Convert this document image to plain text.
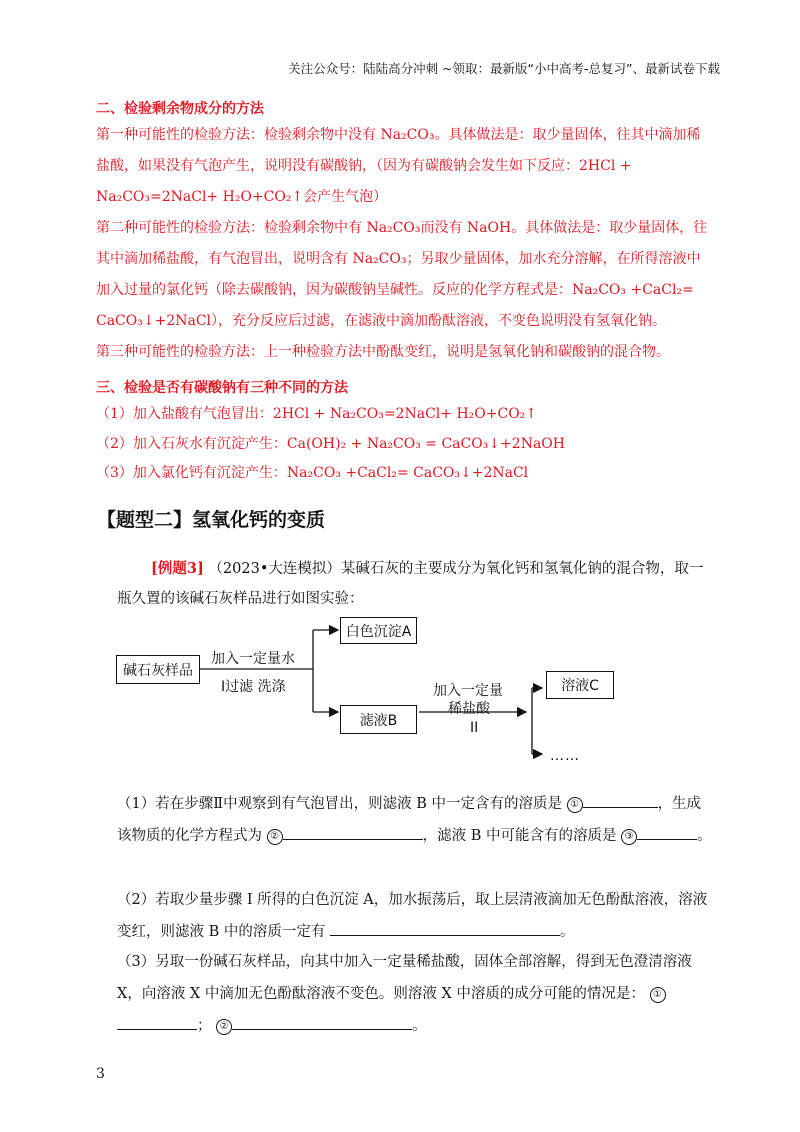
关注公众号：陆陆高分冲刺 ~领取：最新版“小中高考-总复习”、最新试卷下载
二、检验剩余物成分的方法

第一种可能性的检验方法：检验剩余物中没有 Na₂CO₃。具体做法是：取少量固体，往其中滴加稀盐酸，如果没有气泡产生，说明没有碳酸钠，（因为有碳酸钠会发生如下反应：2HCl + Na₂CO₃=2NaCl+ H₂O+CO₂↑会产生气泡）

第二种可能性的检验方法：检验剩余物中有 Na₂CO₃而没有 NaOH。具体做法是：取少量固体，往其中滴加稀盐酸，有气泡冒出，说明含有 Na₂CO₃；另取少量固体，加水充分溶解，在所得溶液中加入过量的氯化钙（除去碳酸钠，因为碳酸钠呈碱性。反应的化学方程式是：Na₂CO₃ +CaCl₂= CaCO₃↓+2NaCl），充分反应后过滤，在滤液中滴加酚酞溶液，不变色说明没有氢氧化钠。

第三种可能性的检验方法：上一种检验方法中酚酞变红，说明是氢氧化钠和碳酸钠的混合物。

三、检验是否有碳酸钠有三种不同的方法
（1）加入盐酸有气泡冒出：2HCl + Na₂CO₃=2NaCl+ H₂O+CO₂↑
（2）加入石灰水有沉淀产生：Ca(OH)₂ + Na₂CO₃ = CaCO₃↓+2NaOH
（3）加入氯化钙有沉淀产生：Na₂CO₃ +CaCl₂= CaCO₃↓+2NaCl
【题型二】氢氧化钙的变质
[例题3] （2023•大连模拟）某碱石灰的主要成分为氧化钙和氢氧化钠的混合物，取一瓶久置的该碱石灰样品进行如图实验：
碱石灰样品
加入一定量水
I过滤 洗涤
白色沉淀A
滤液B
加入一定量
稀盐酸
II
溶液C
……

（1）若在步骤Ⅱ中观察到有气泡冒出，则滤液 B 中一定含有的溶质是 ①	，生成该物质的化学方程式为 ②	，滤液 B 中可能含有的溶质是 ③	。

（2）若取少量步骤 I 所得的白色沉淀 A，加水振荡后，取上层清液滴加无色酚酞溶液，溶液变红，则滤液 B 中的溶质一定有	。

（3）另取一份碱石灰样品，向其中加入一定量稀盐酸，固体全部溶解，得到无色澄清溶液 X，向溶液 X 中滴加无色酚酞溶液不变色。则溶液 X 中溶质的成分可能的情况是： ①； ②	。

3
